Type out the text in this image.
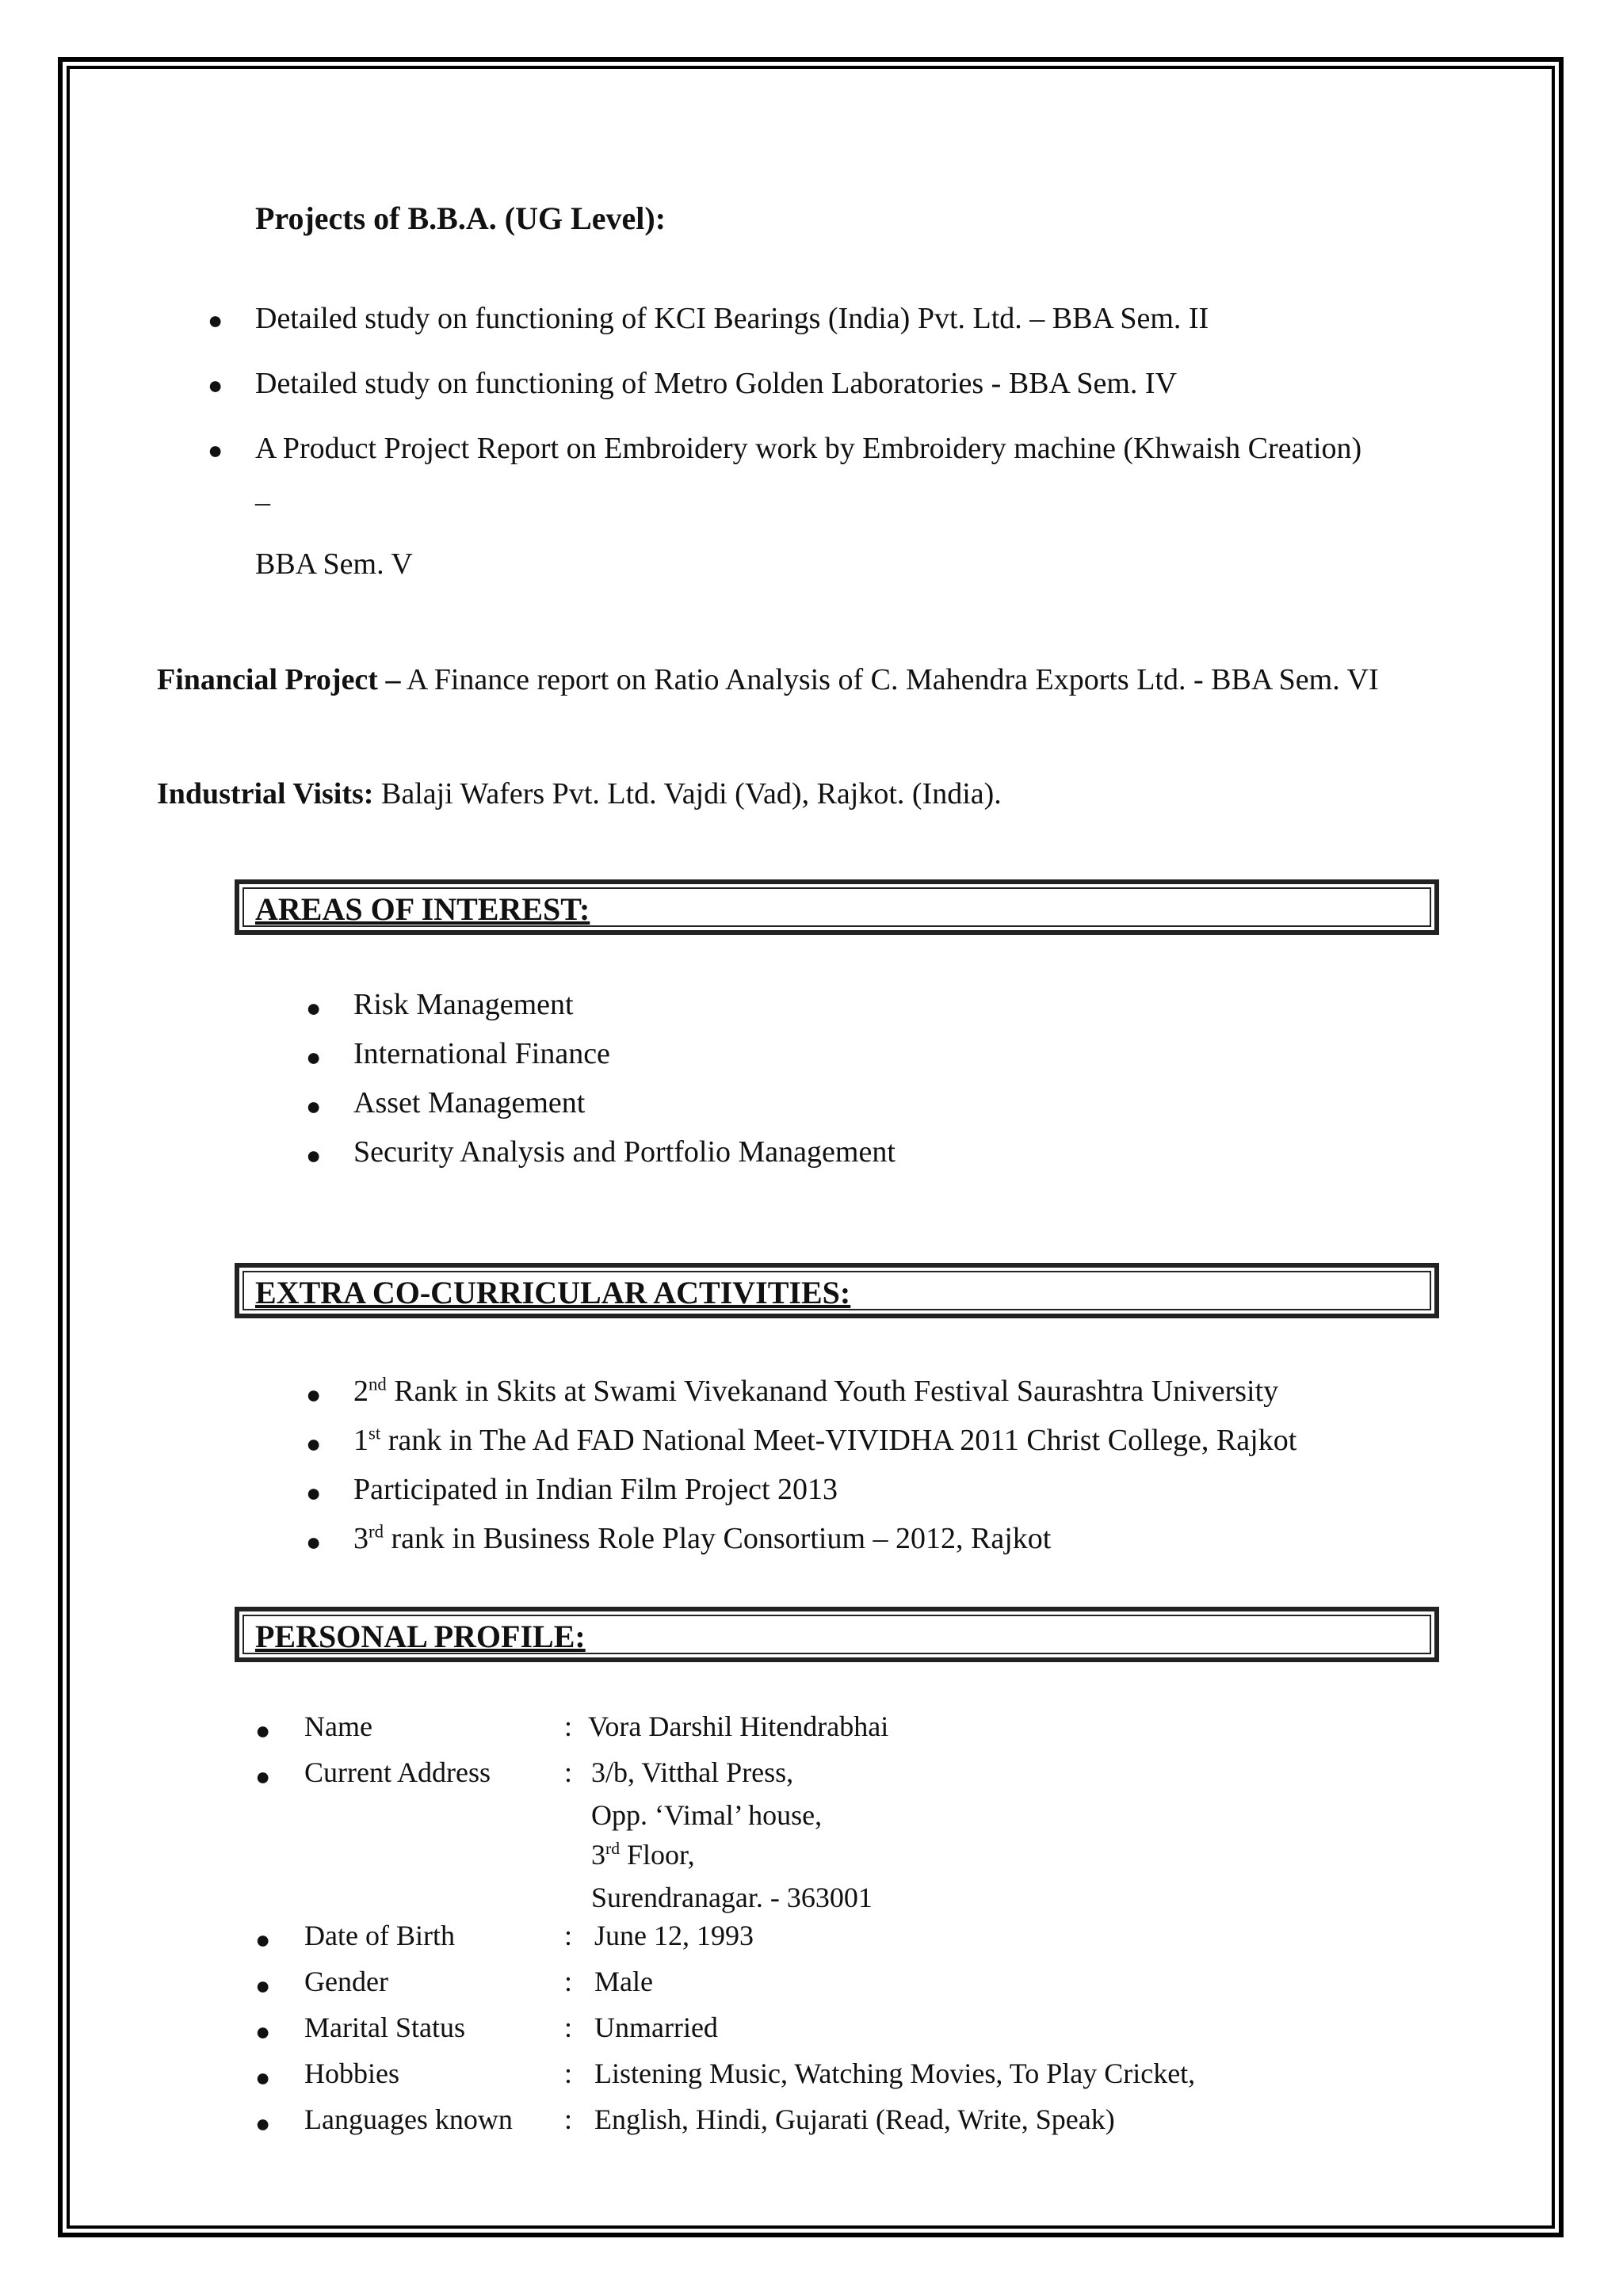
Projects of B.B.A. (UG Level):
● Detailed study on functioning of KCI Bearings (India) Pvt. Ltd. – BBA Sem. II
● Detailed study on functioning of Metro Golden Laboratories - BBA Sem. IV
● A Product Project Report on Embroidery work by Embroidery machine (Khwaish Creation)
–
BBA Sem. V
Financial Project – A Finance report on Ratio Analysis of C. Mahendra Exports Ltd. - BBA Sem. VI
Industrial Visits: Balaji Wafers Pvt. Ltd. Vajdi (Vad), Rajkot. (India).
AREAS OF INTEREST:
● Risk Management
● International Finance
● Asset Management
● Security Analysis and Portfolio Management
EXTRA CO-CURRICULAR ACTIVITIES:
● 2nd Rank in Skits at Swami Vivekanand Youth Festival Saurashtra University
● 1st rank in The Ad FAD National Meet-VIVIDHA 2011 Christ College, Rajkot
● Participated in Indian Film Project 2013
● 3rd rank in Business Role Play Consortium – 2012, Rajkot
PERSONAL PROFILE:
● Name	: Vora Darshil Hitendrabhai
● Current Address	: 3/b, Vitthal Press,
Opp. ‘Vimal’ house,
3rd Floor,
Surendranagar. - 363001
● Date of Birth	: June 12, 1993
● Gender	: Male
● Marital Status	: Unmarried
● Hobbies	: Listening Music, Watching Movies, To Play Cricket,
● Languages known : English, Hindi, Gujarati (Read, Write, Speak)
